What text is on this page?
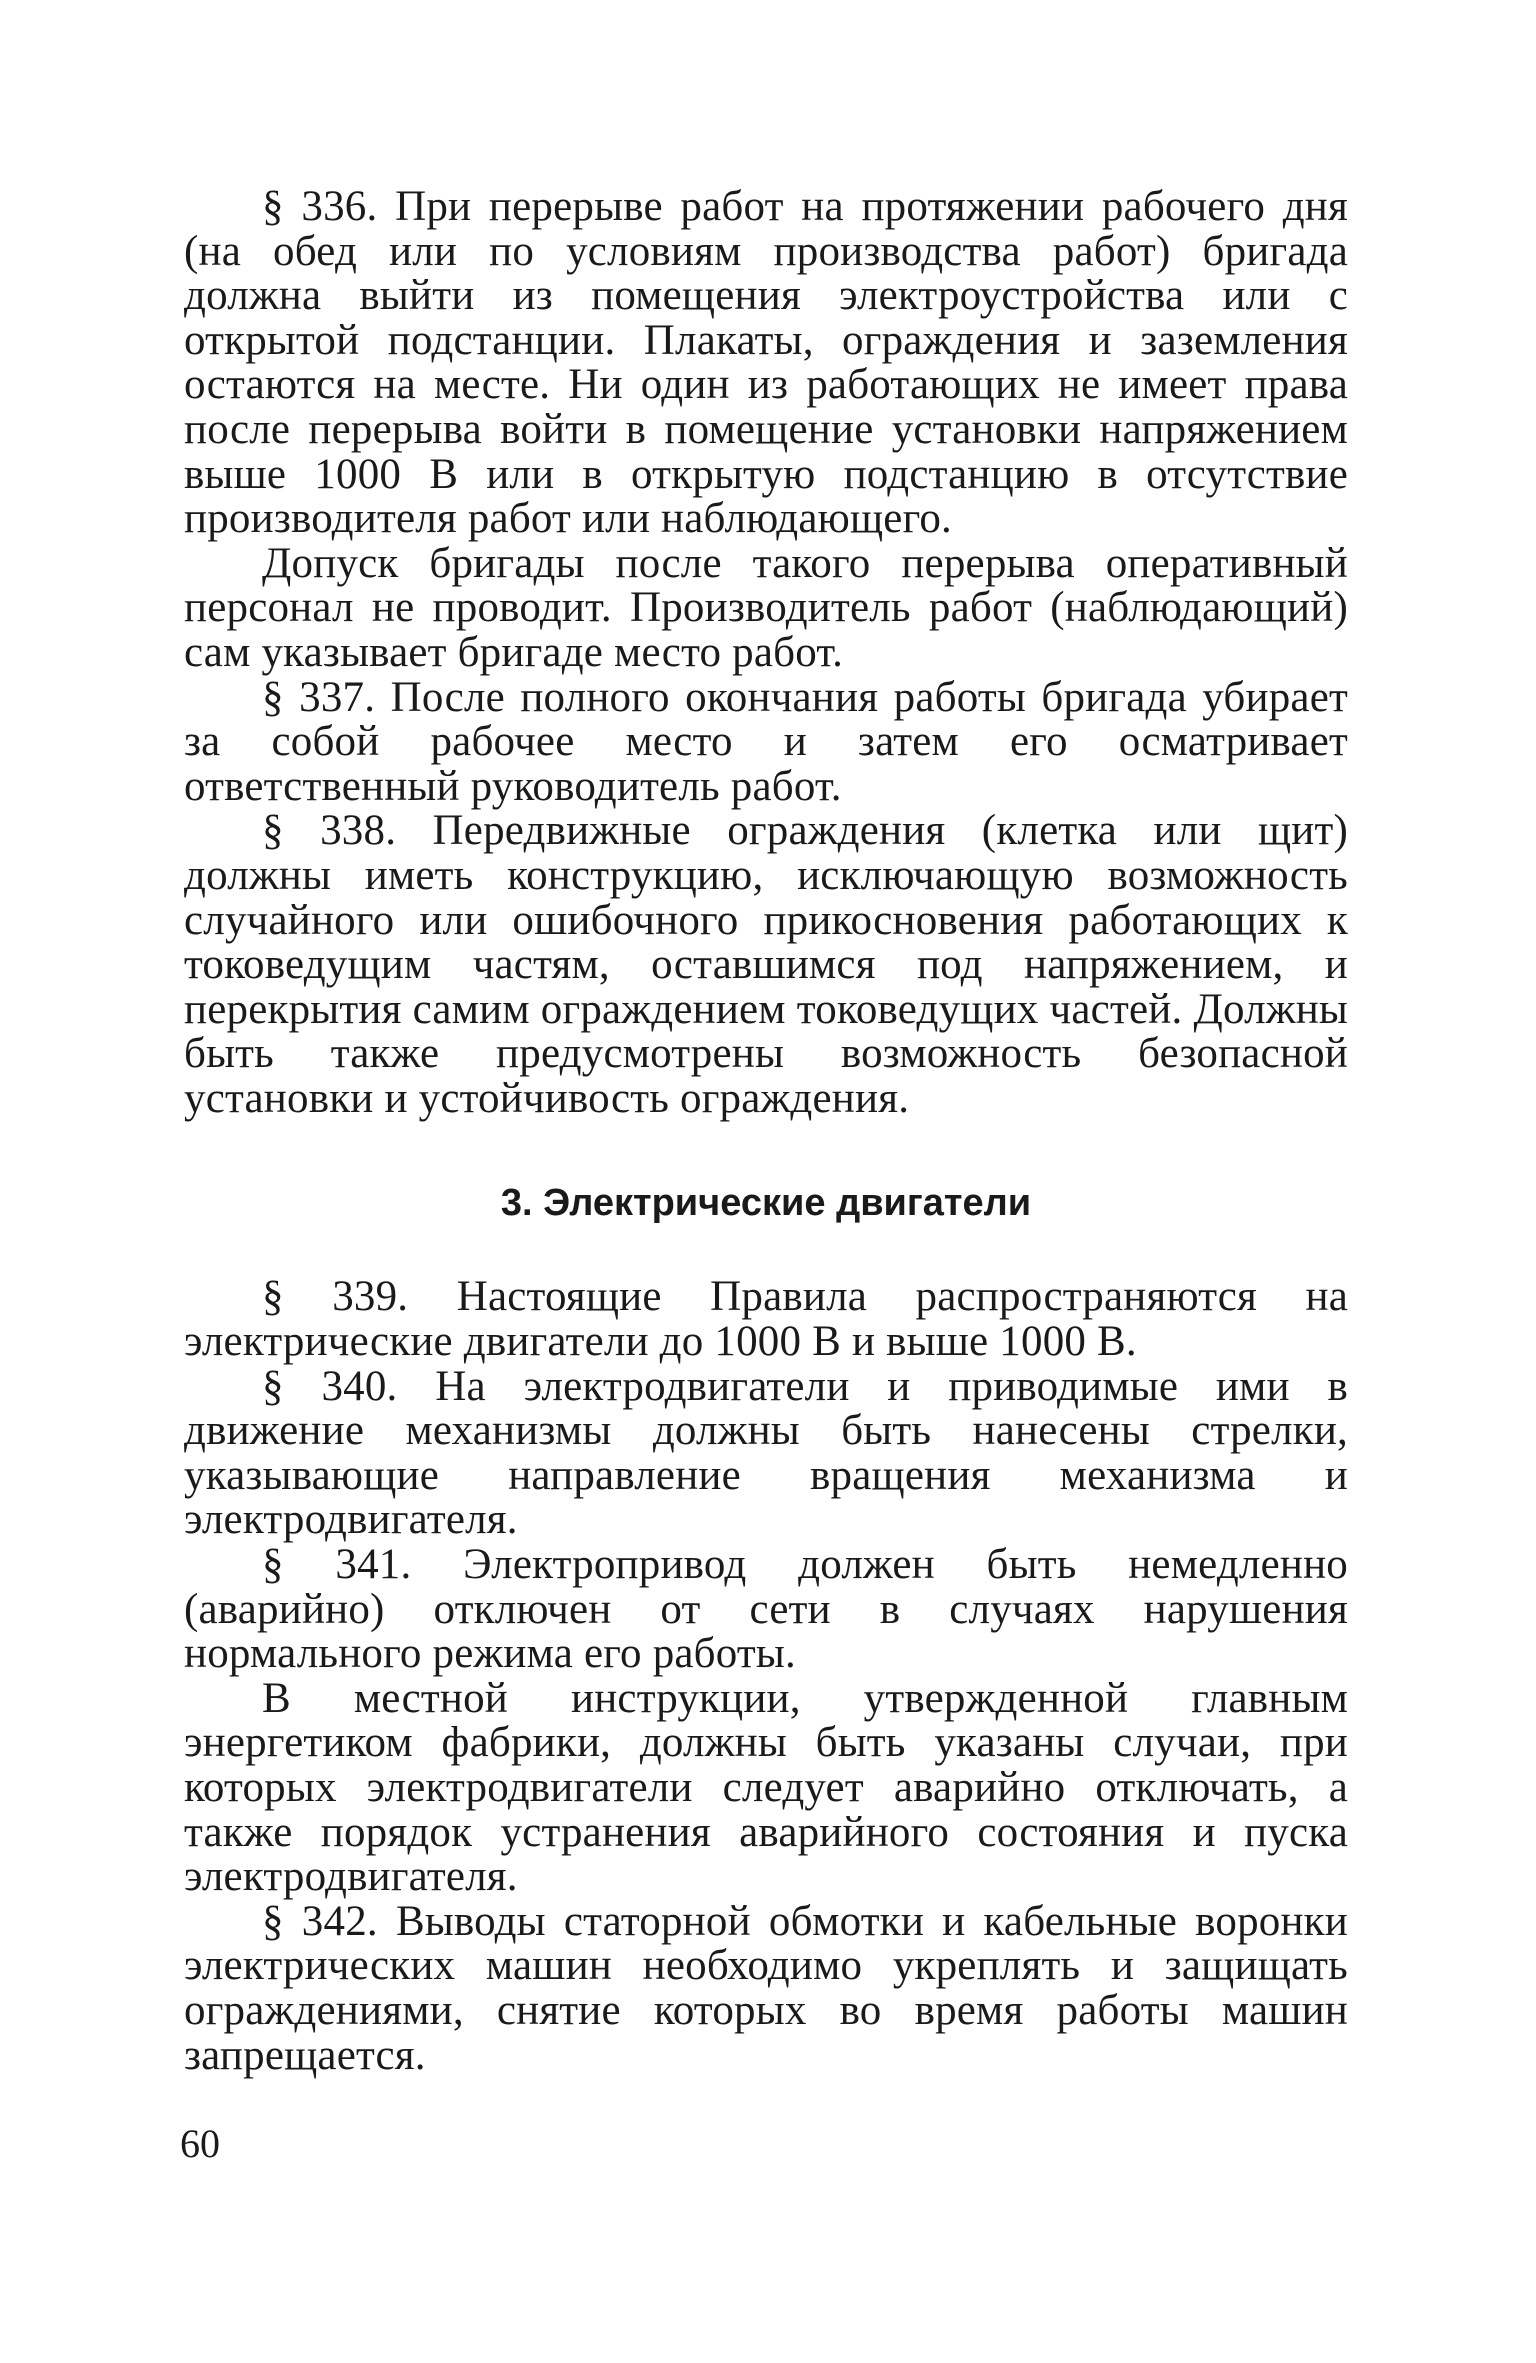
§ 336. При перерыве работ на протяжении рабочего дня (на обед или по условиям производства работ) бригада должна выйти из помещения электроустройства или с открытой подстанции. Плакаты, ограждения и заземления остаются на месте. Ни один из работающих не имеет права после перерыва войти в помещение установки напряжением выше 1000 В или в открытую подстанцию в отсутствие производителя работ или наблюдающего.

Допуск бригады после такого перерыва оперативный персонал не проводит. Производитель работ (наблюдающий) сам указывает бригаде место работ.

§ 337. После полного окончания работы бригада убирает за собой рабочее место и затем его осматривает ответственный руководитель работ.

§ 338. Передвижные ограждения (клетка или щит) должны иметь конструкцию, исключающую возможность случайного или ошибочного прикосновения работающих к токоведущим частям, оставшимся под напряжением, и перекрытия самим ограждением токоведущих частей. Должны быть также предусмотрены возможность безопасной установки и устойчивость ограждения.

3. Электрические двигатели

§ 339. Настоящие Правила распространяются на электрические двигатели до 1000 В и выше 1000 В.

§ 340. На электродвигатели и приводимые ими в движение механизмы должны быть нанесены стрелки, указывающие направление вращения механизма и электродвигателя.

§ 341. Электропривод должен быть немедленно (аварийно) отключен от сети в случаях нарушения нормального режима его работы.

В местной инструкции, утвержденной главным энергетиком фабрики, должны быть указаны случаи, при которых электродвигатели следует аварийно отключать, а также порядок устранения аварийного состояния и пуска электродвигателя.

§ 342. Выводы статорной обмотки и кабельные воронки электрических машин необходимо укреплять и защищать ограждениями, снятие которых во время работы машин запрещается.

60
